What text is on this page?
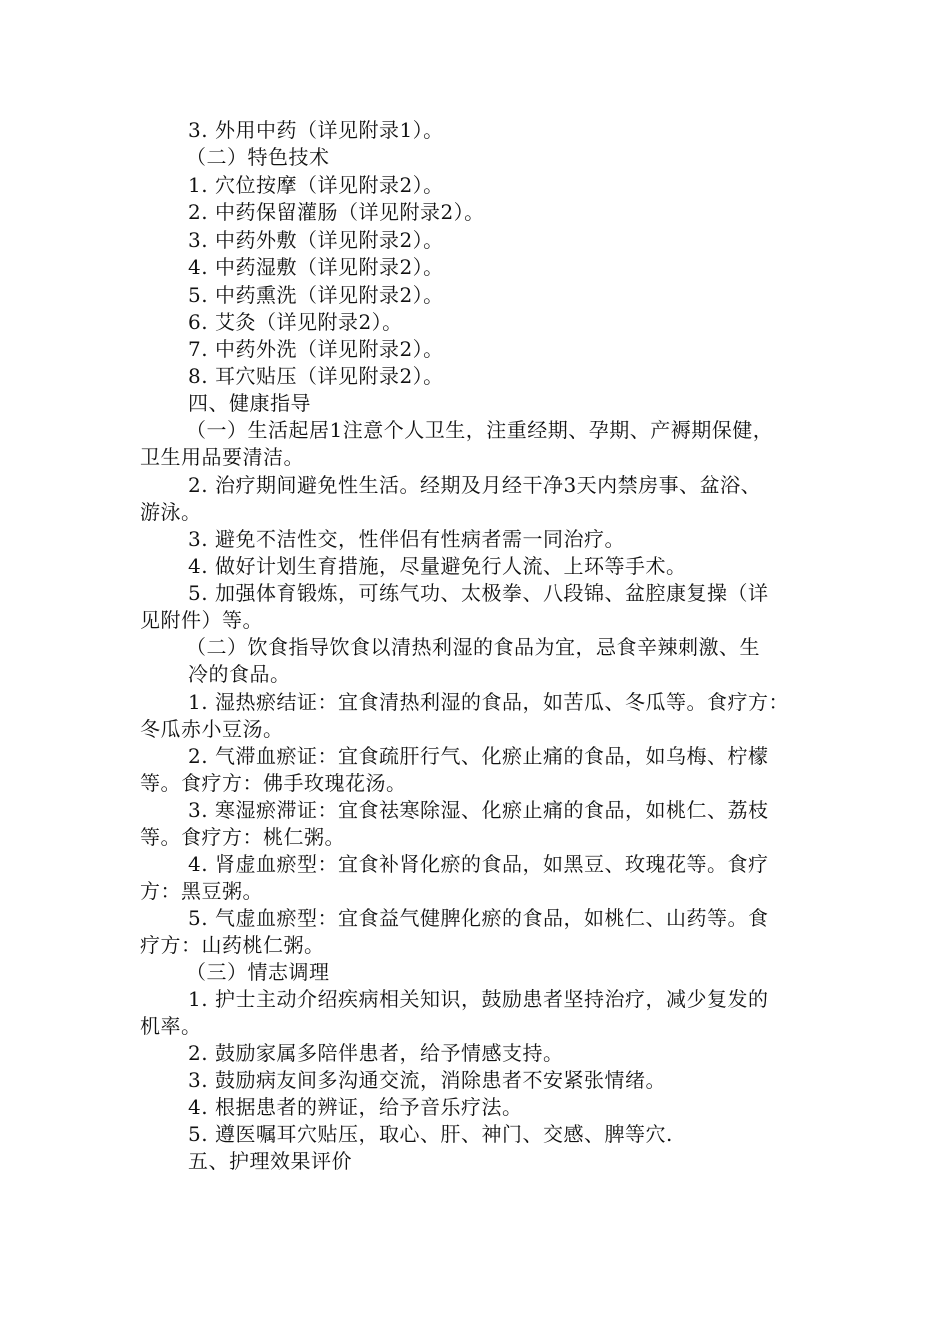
3. 外用中药（详见附录1）。
（二）特色技术
1. 穴位按摩（详见附录2）。
2. 中药保留灌肠（详见附录2）。
3. 中药外敷（详见附录2）。
4. 中药湿敷（详见附录2）。
5. 中药熏洗（详见附录2）。
6. 艾灸（详见附录2）。
7. 中药外洗（详见附录2）。
8. 耳穴贴压（详见附录2）。
四、健康指导
（一）生活起居1注意个人卫生，注重经期、孕期、产褥期保健，
卫生用品要清洁。
2. 治疗期间避免性生活。经期及月经干净3天内禁房事、盆浴、
游泳。
3. 避免不洁性交，性伴侣有性病者需一同治疗。
4. 做好计划生育措施，尽量避免行人流、上环等手术。
5. 加强体育锻炼，可练气功、太极拳、八段锦、盆腔康复操（详
见附件）等。
（二）饮食指导饮食以清热利湿的食品为宜，忌食辛辣刺激、生
冷的食品。
1. 湿热瘀结证：宜食清热利湿的食品，如苦瓜、冬瓜等。食疗方：
冬瓜赤小豆汤。
2. 气滞血瘀证：宜食疏肝行气、化瘀止痛的食品，如乌梅、柠檬
等。食疗方：佛手玫瑰花汤。
3. 寒湿瘀滞证：宜食祛寒除湿、化瘀止痛的食品，如桃仁、荔枝
等。食疗方：桃仁粥。
4. 肾虚血瘀型：宜食补肾化瘀的食品，如黑豆、玫瑰花等。食疗
方：黑豆粥。
5. 气虚血瘀型：宜食益气健脾化瘀的食品，如桃仁、山药等。食
疗方：山药桃仁粥。
（三）情志调理
1. 护士主动介绍疾病相关知识，鼓励患者坚持治疗，减少复发的
机率。
2. 鼓励家属多陪伴患者，给予情感支持。
3. 鼓励病友间多沟通交流，消除患者不安紧张情绪。
4. 根据患者的辨证，给予音乐疗法。
5. 遵医嘱耳穴贴压，取心、肝、神门、交感、脾等穴.
五、护理效果评价
